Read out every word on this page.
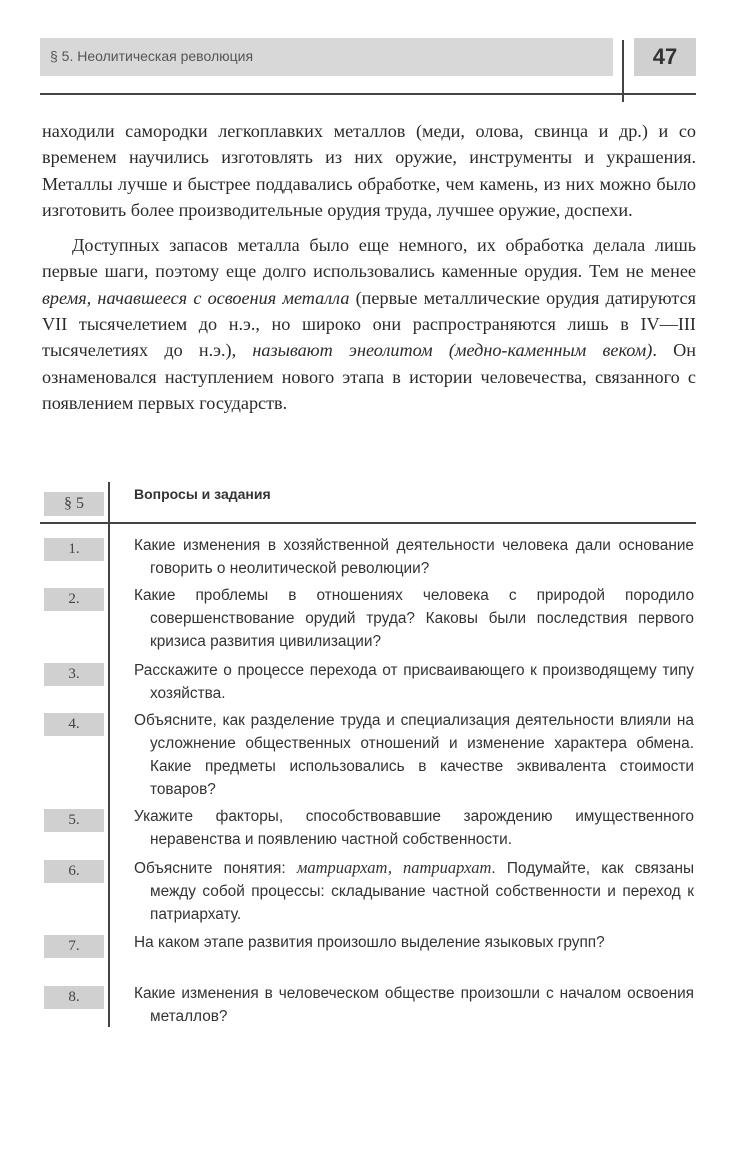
§ 5. Неолитическая революция	47

находили самородки легкоплавких металлов (меди, олова, свинца и др.) и со временем научились изготовлять из них оружие, инструменты и украшения. Металлы лучше и быстрее поддавались обработке, чем камень, из них можно было изготовить более производительные орудия труда, лучшее оружие, доспехи.

Доступных запасов металла было еще немного, их обработка делала лишь первые шаги, поэтому еще долго использовались каменные орудия. Тем не менее время, начавшееся с освоения металла (первые металлические орудия датируются VII тысячелетием до н.э., но широко они распространяются лишь в IV—III тысячелетиях до н.э.), называют энеолитом (медно-каменным веком). Он ознаменовался наступлением нового этапа в истории человечества, связанного с появлением первых государств.

§ 5
Вопросы и задания
1.	Какие изменения в хозяйственной деятельности человека дали основание говорить о неолитической революции?
2.	Какие проблемы в отношениях человека с природой породило совершенствование орудий труда? Каковы были последствия первого кризиса развития цивилизации?
3.	Расскажите о процессе перехода от присваивающего к производящему типу хозяйства.
4.	Объясните, как разделение труда и специализация деятельности влияли на усложнение общественных отношений и изменение характера обмена. Какие предметы использовались в качестве эквивалента стоимости товаров?
5.	Укажите факторы, способствовавшие зарождению имущественного неравенства и появлению частной собственности.
6.	Объясните понятия: матриархат, патриархат. Подумайте, как связаны между собой процессы: складывание частной собственности и переход к патриархату.
7.	На каком этапе развития произошло выделение языковых групп?
8.	Какие изменения в человеческом обществе произошли с началом освоения металлов?
